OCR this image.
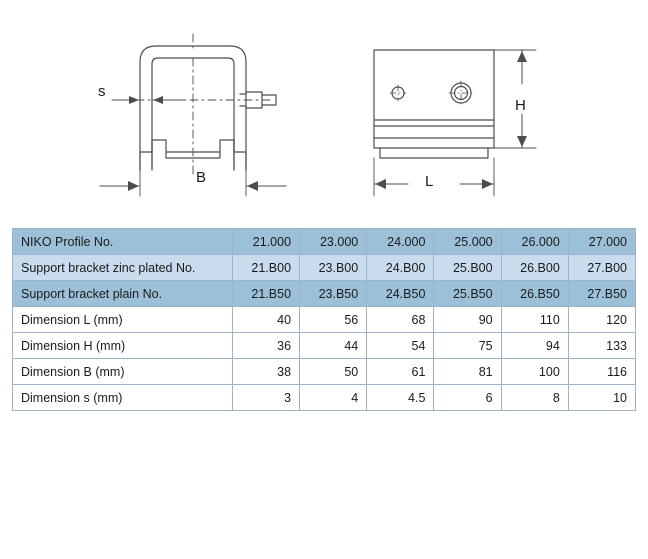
s
B
H
L
NIKO Profile No.	21.000	23.000	24.000	25.000	26.000	27.000
Support bracket zinc plated No.	21.B00	23.B00	24.B00	25.B00	26.B00	27.B00
Support bracket plain No.	21.B50	23.B50	24.B50	25.B50	26.B50	27.B50
Dimension L (mm)	40	56	68	90	110	120
Dimension H (mm)	36	44	54	75	94	133
Dimension B (mm)	38	50	61	81	100	116
Dimension s (mm)	3	4	4.5	6	8	10
